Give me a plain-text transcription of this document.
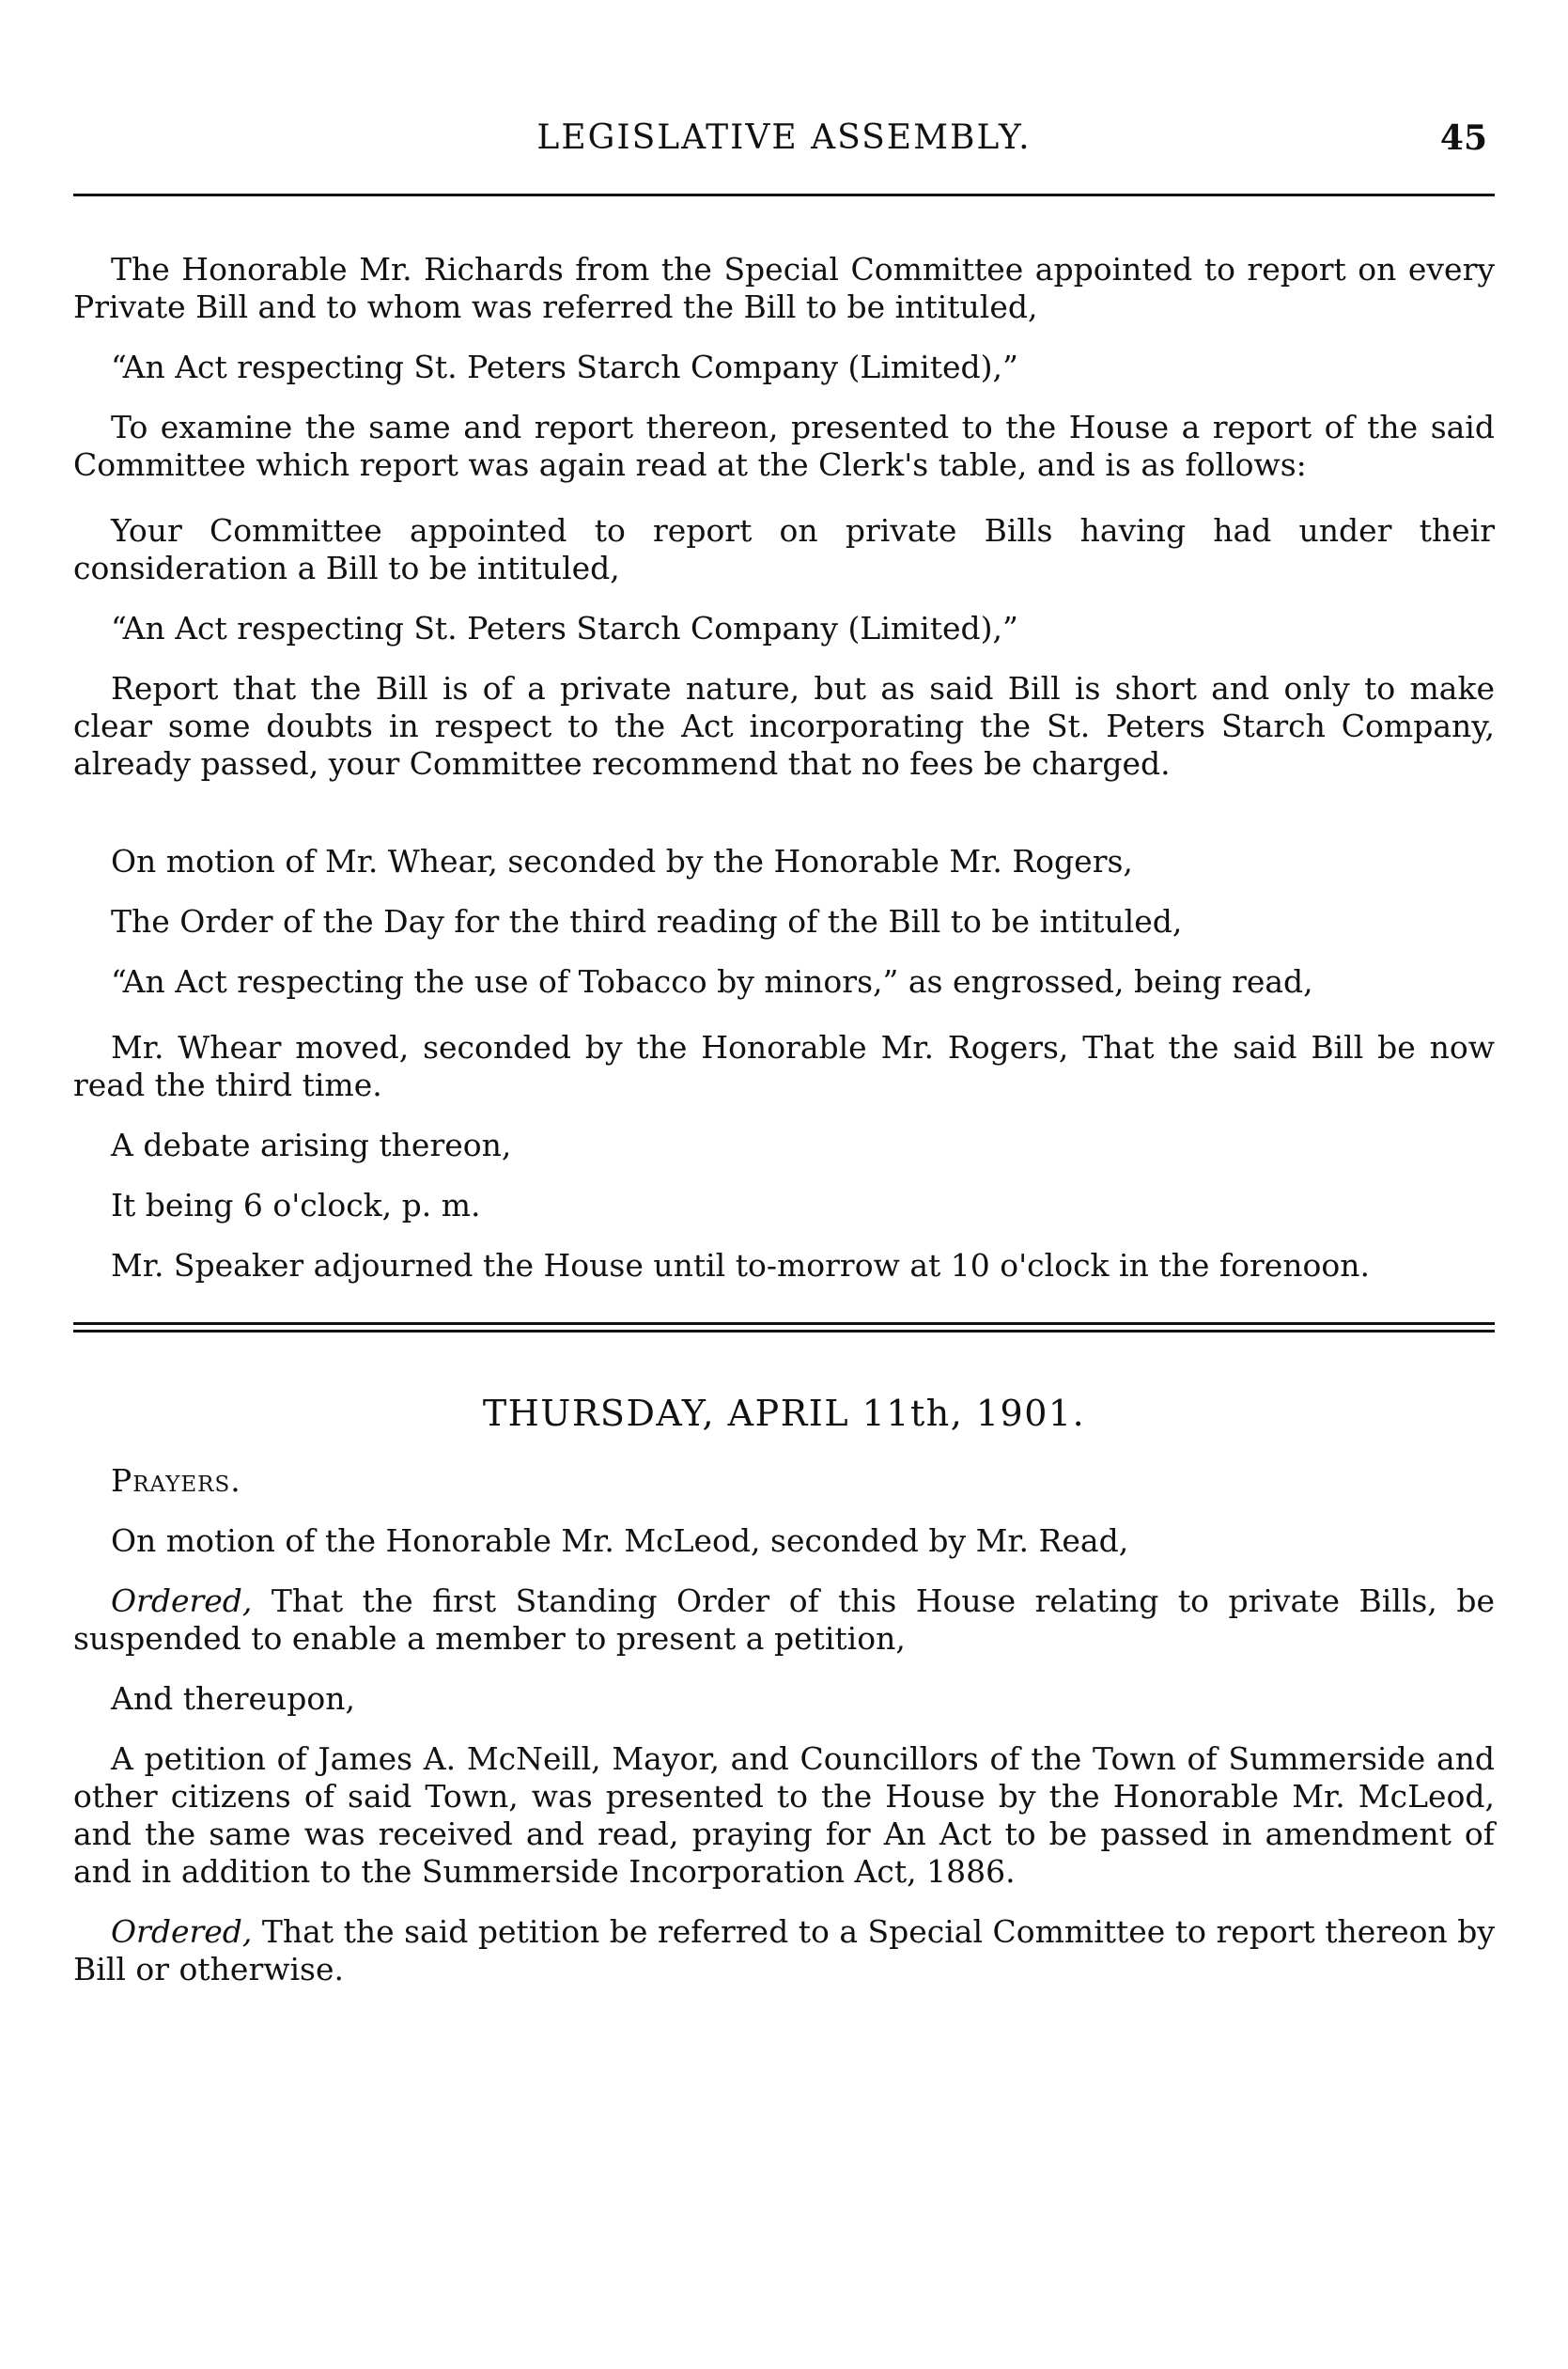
LEGISLATIVE ASSEMBLY.	45

The Honorable Mr. Richards from the Special Committee appointed to report on every Private Bill and to whom was referred the Bill to be intituled,

“An Act respecting St. Peters Starch Company (Limited),”

To examine the same and report thereon, presented to the House a report of the said Committee which report was again read at the Clerk's table, and is as follows:

Your Committee appointed to report on private Bills having had under their consideration a Bill to be intituled,

“An Act respecting St. Peters Starch Company (Limited),”

Report that the Bill is of a private nature, but as said Bill is short and only to make clear some doubts in respect to the Act incorporating the St. Peters Starch Company, already passed, your Committee recommend that no fees be charged.

On motion of Mr. Whear, seconded by the Honorable Mr. Rogers,

The Order of the Day for the third reading of the Bill to be intituled,

“An Act respecting the use of Tobacco by minors,” as engrossed, being read,

Mr. Whear moved, seconded by the Honorable Mr. Rogers, That the said Bill be now read the third time.

A debate arising thereon,

It being 6 o'clock, p. m.

Mr. Speaker adjourned the House until to-morrow at 10 o'clock in the forenoon.

THURSDAY, APRIL 11th, 1901.

Prayers.

On motion of the Honorable Mr. McLeod, seconded by Mr. Read,

Ordered, That the first Standing Order of this House relating to private Bills, be suspended to enable a member to present a petition,

And thereupon,

A petition of James A. McNeill, Mayor, and Councillors of the Town of Summerside and other citizens of said Town, was presented to the House by the Honorable Mr. McLeod, and the same was received and read, praying for An Act to be passed in amendment of and in addition to the Summerside Incorporation Act, 1886.

Ordered, That the said petition be referred to a Special Committee to report thereon by Bill or otherwise.
